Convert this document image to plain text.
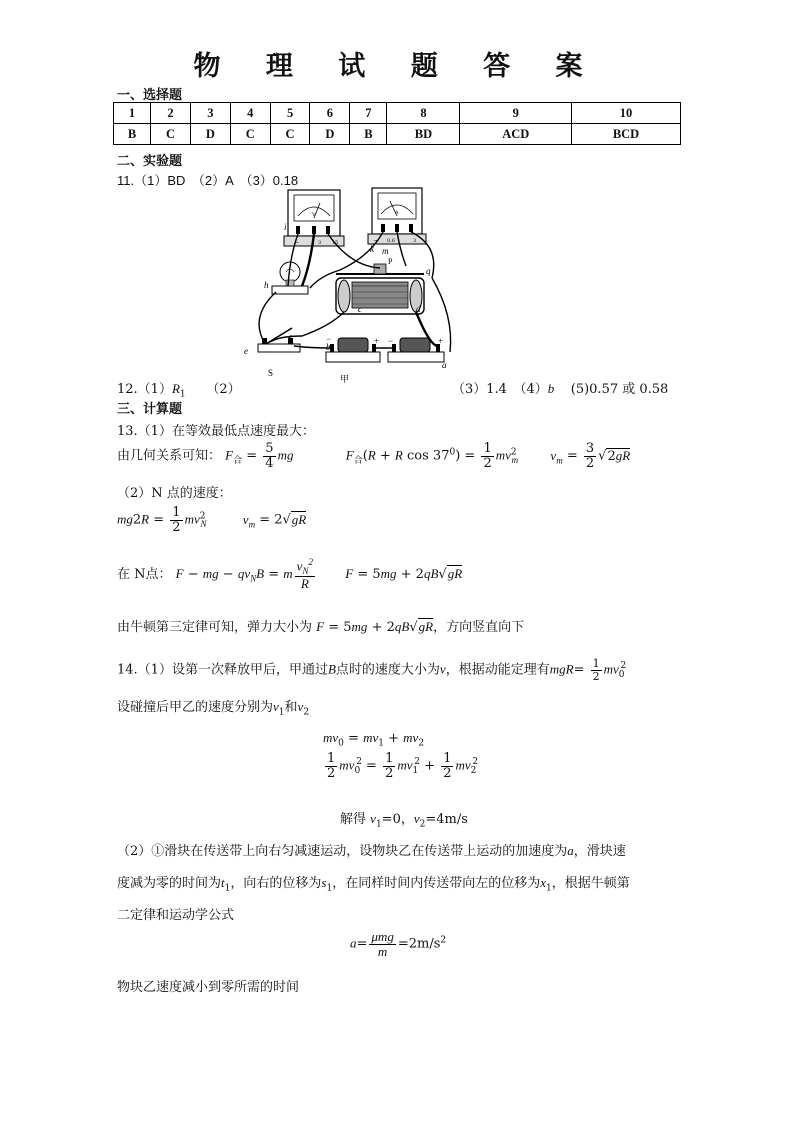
物 理 试 题 答 案
一、选择题
1	2	3	4	5	6	7	8	9	10
B	C	D	C	C	D	B	BD	ACD	BCD
二、实验题
11.（1）BD　（2）A　（3）0.18
V
−	3 15
A
− 0.6	3
i
k m
P
q
h
c	d
e
f
b
a
S
甲
+ −	+
−
$12.(1)R_1$ （2）	（3）1.4　（4）b (5)0.57 或 0.58
三、计算题
13.（1）在等效最低点速度最大：
由几何关系可知： $F_合 = \frac{5}{4}$ mg	$F_合(R + R$ $\cos 37^0) = \frac{1}{2} mv^2_m$ $v_m = \frac{3}{2} √2gR$
（2）N 点的速度：
$mg2R = \frac{1}{2} mv^2_N$	$v_m = 2√gR$
在 N点： F − mg − $qv_NB = m \frac{v_N^2}{R}$ F = 5mg + 2qB√gR
由牛顿第三定律可知，弹力大小为 F = 5mg + 2qB√gR，方向竖直向下
14.（1）设第一次释放甲后，甲通过B点时的速度大小为v，根据动能定理有$mgR= \frac{1}{2} mv_0^2$
设碰撞后甲乙的速度分别为$v_1$和$v_2$
$mv_0 = mv_1 + mv_2$
$\frac{1}{2} mv_0^2 = \frac{1}{2} mv_1^2 + \frac{1}{2} mv_2^2$
解得 $v_1=0$，$v_2=4m/s$
（2）①滑块在传送带上向右匀减速运动，设物块乙在传送带上运动的加速度为a，滑块速
度减为零的时间为$t_1$，向右的位移为$s_1$，在同样时间内传送带向左的位移为$x_1$，根据牛顿第
二定律和运动学公式
$a= \frac{\text{μmg}}{m} =2m/s^2$
物块乙速度减小到零所需的时间
